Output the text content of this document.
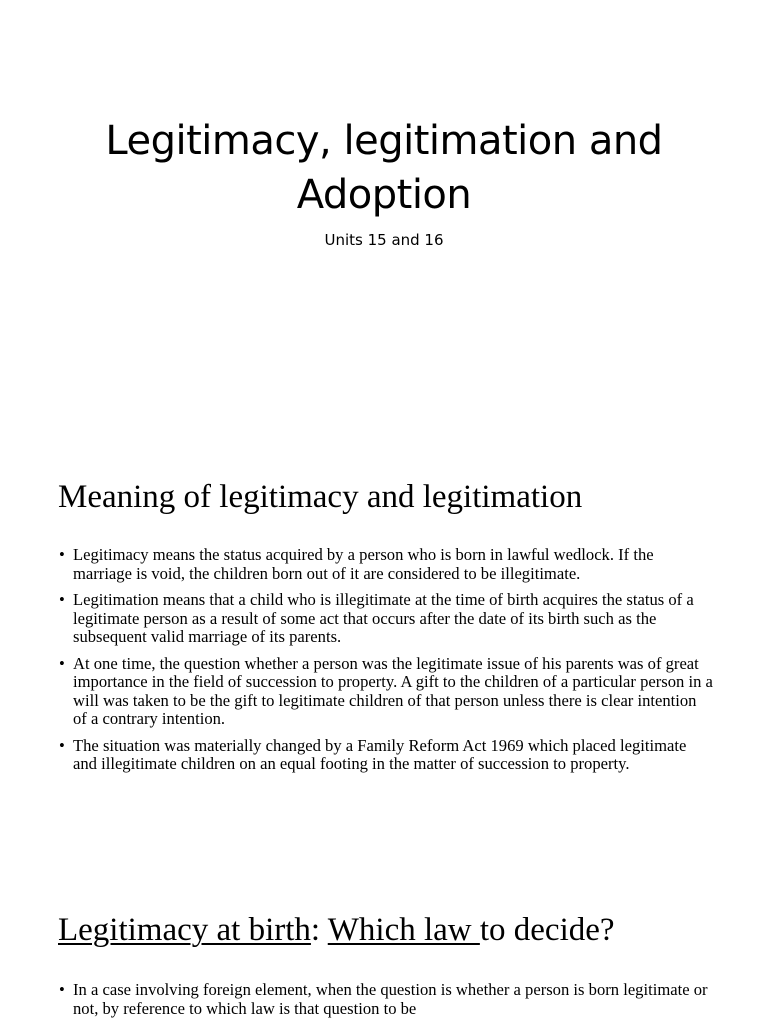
Legitimacy, legitimation and
Adoption
Units 15 and 16
Meaning of legitimacy and legitimation
• Legitimacy means the status acquired by a person who is born in lawful wedlock. If the marriage is void, the children born out of it are considered to be illegitimate.
• Legitimation means that a child who is illegitimate at the time of birth acquires the status of a legitimate person as a result of some act that occurs after the date of its birth such as the subsequent valid marriage of its parents.
• At one time, the question whether a person was the legitimate issue of his parents was of great importance in the field of succession to property. A gift to the children of a particular person in a will was taken to be the gift to legitimate children of that person unless there is clear intention of a contrary intention.
• The situation was materially changed by a Family Reform Act 1969 which placed legitimate and illegitimate children on an equal footing in the matter of succession to property.
Legitimacy at birth: Which law to decide?
• In a case involving foreign element, when the question is whether a person is born legitimate or not, by reference to which law is that question to be
